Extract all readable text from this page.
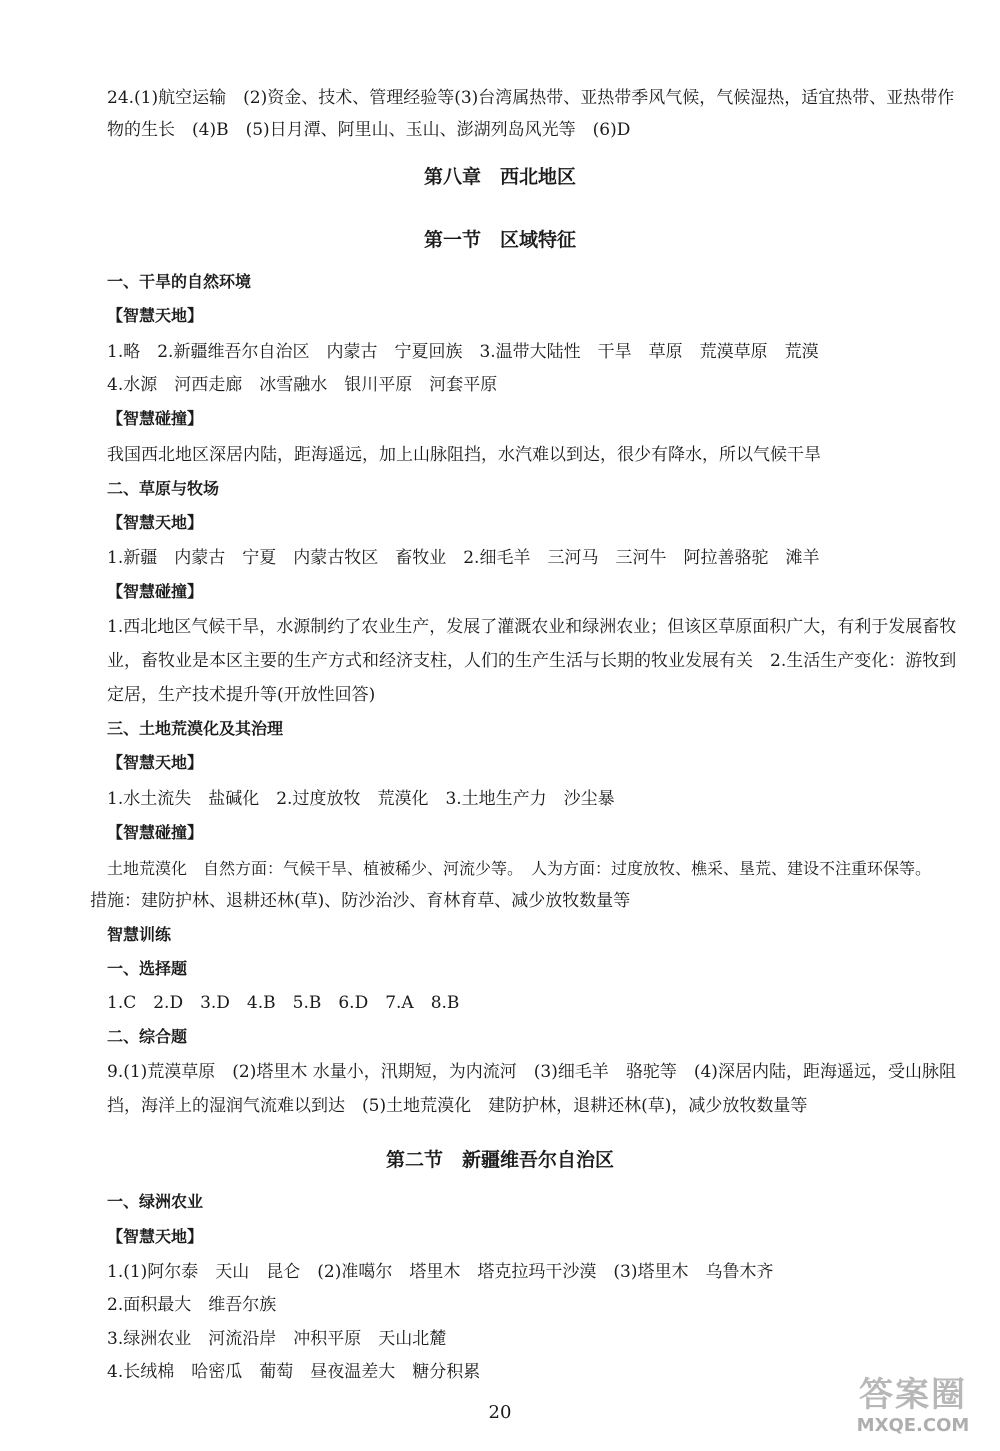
24.(1)航空运输　(2)资金、技术、管理经验等(3)台湾属热带、亚热带季风气候，气候湿热，适宜热带、亚热带作
物的生长　(4)B　(5)日月潭、阿里山、玉山、澎湖列岛风光等　(6)D
第八章　西北地区
第一节　区域特征
一、干旱的自然环境
【智慧天地】
1.略　2.新疆维吾尔自治区　内蒙古　宁夏回族　3.温带大陆性　干旱　草原　荒漠草原　荒漠
4.水源　河西走廊　冰雪融水　银川平原　河套平原
【智慧碰撞】
我国西北地区深居内陆，距海遥远，加上山脉阻挡，水汽难以到达，很少有降水，所以气候干旱
二、草原与牧场
【智慧天地】
1.新疆　内蒙古　宁夏　内蒙古牧区　畜牧业　2.细毛羊　三河马　三河牛　阿拉善骆驼　滩羊
【智慧碰撞】
1.西北地区气候干旱，水源制约了农业生产，发展了灌溉农业和绿洲农业；但该区草原面积广大，有利于发展畜牧业，畜牧业是本区主要的生产方式和经济支柱，人们的生产生活与长期的牧业发展有关　2.生活生产变化：游牧到定居，生产技术提升等(开放性回答)
三、土地荒漠化及其治理
【智慧天地】
1.水土流失　盐碱化　2.过度放牧　荒漠化　3.土地生产力　沙尘暴
【智慧碰撞】
土地荒漠化　自然方面：气候干旱、植被稀少、河流少等。　人为方面：过度放牧、樵采、垦荒、建设不注重环保等。
措施：建防护林、退耕还林(草)、防沙治沙、育林育草、减少放牧数量等
智慧训练
一、选择题
1.C　2.D　3.D　4.B　5.B　6.D　7.A　8.B
二、综合题
9.(1)荒漠草原　(2)塔里木 水量小，汛期短，为内流河　(3)细毛羊　骆驼等　(4)深居内陆，距海遥远，受山脉阻挡，海洋上的湿润气流难以到达　(5)土地荒漠化　建防护林，退耕还林(草)，减少放牧数量等
第二节　新疆维吾尔自治区
一、绿洲农业
【智慧天地】
1.(1)阿尔泰　天山　昆仑　(2)准噶尔　塔里木　塔克拉玛干沙漠　(3)塔里木　乌鲁木齐
2.面积最大　维吾尔族
3.绿洲农业　河流沿岸　冲积平原　天山北麓
4.长绒棉　哈密瓜　葡萄　昼夜温差大　糖分积累
20	答案圈
MXQE.COM
